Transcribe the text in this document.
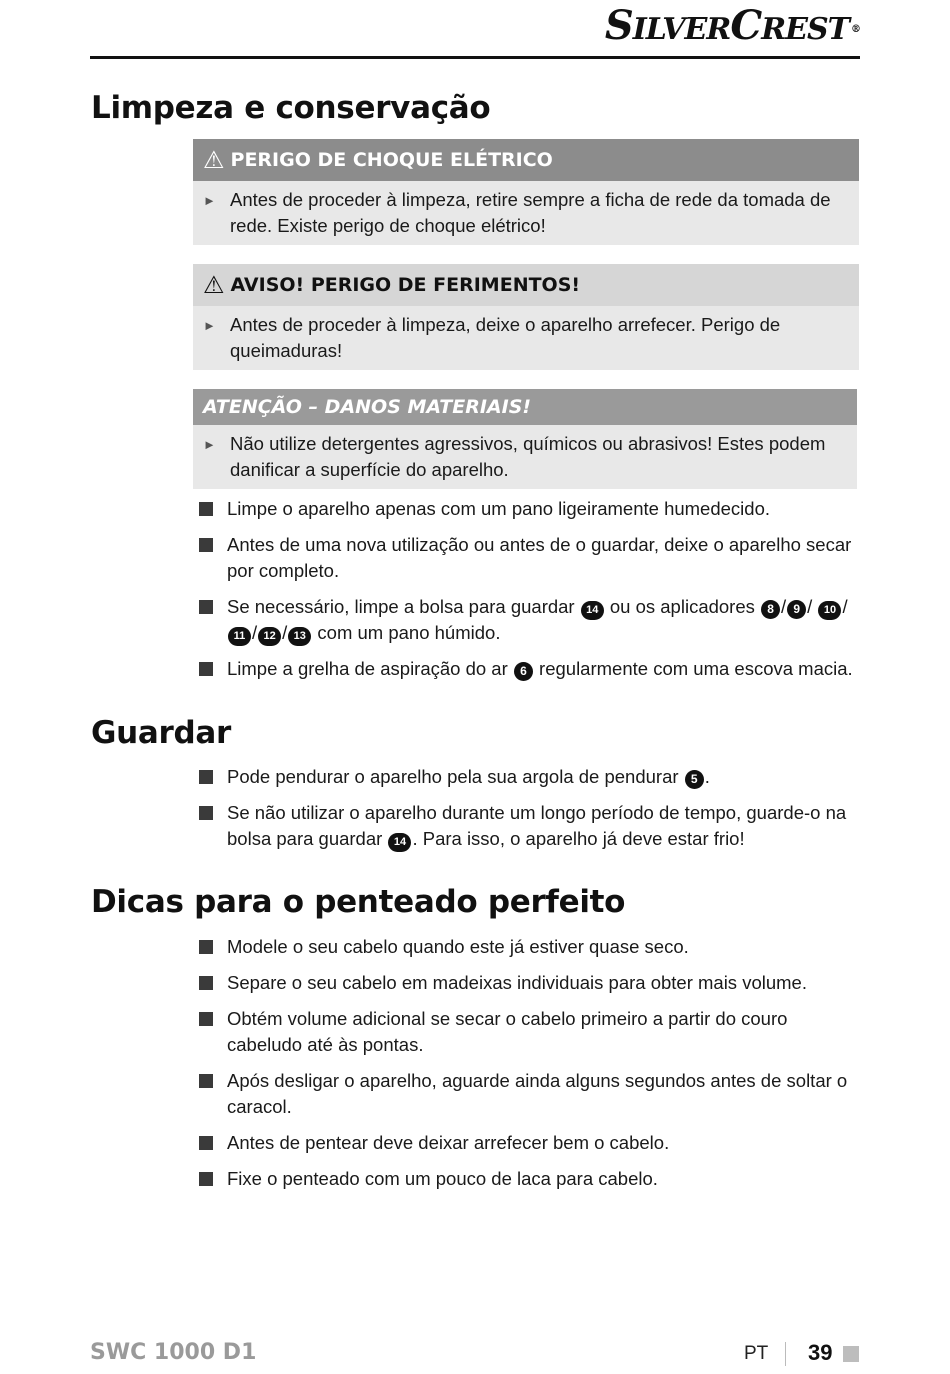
SILVERCREST ®
Limpeza e conservação
⚠ PERIGO DE CHOQUE ELÉTRICO
► Antes de proceder à limpeza, retire sempre a ficha de rede da tomada de rede. Existe perigo de choque elétrico!
⚠ AVISO! PERIGO DE FERIMENTOS!
► Antes de proceder à limpeza, deixe o aparelho arrefecer. Perigo de queimaduras!
ATENÇÃO – DANOS MATERIAIS!
► Não utilize detergentes agressivos, químicos ou abrasivos! Estes podem danificar a superfície do aparelho.
Limpe o aparelho apenas com um pano ligeiramente humedecido.
Antes de uma nova utilização ou antes de o guardar, deixe o aparelho secar por completo.
Se necessário, limpe a bolsa para guardar 14 ou os aplicadores 8 / 9 / 10 /11 / 12 / 13 com um pano húmido.
Limpe a grelha de aspiração do ar 6 regularmente com uma escova macia.
Guardar
Pode pendurar o aparelho pela sua argola de pendurar 5 .
Se não utilizar o aparelho durante um longo período de tempo, guarde-o na bolsa para guardar 14 . Para isso, o aparelho já deve estar frio!
Dicas para o penteado perfeito
Modele o seu cabelo quando este já estiver quase seco.
Separe o seu cabelo em madeixas individuais para obter mais volume.
Obtém volume adicional se secar o cabelo primeiro a partir do couro cabeludo até às pontas.
Após desligar o aparelho, aguarde ainda alguns segundos antes de soltar o caracol.
Antes de pentear deve deixar arrefecer bem o cabelo.
Fixe o penteado com um pouco de laca para cabelo.
SWC 1000 D1	PT 39
